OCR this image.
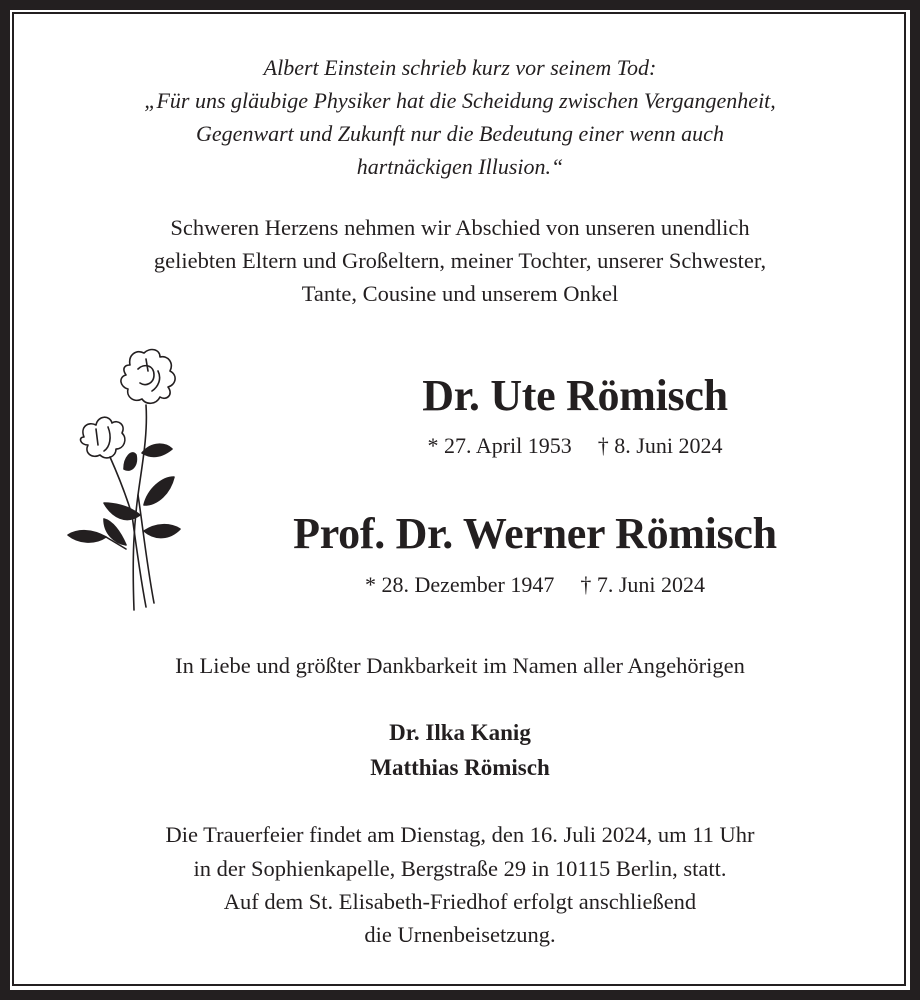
Albert Einstein schrieb kurz vor seinem Tod:
„Für uns gläubige Physiker hat die Scheidung zwischen Vergangenheit,
Gegenwart und Zukunft nur die Bedeutung einer wenn auch
hartnäckigen Illusion.“
Schweren Herzens nehmen wir Abschied von unseren unendlich
geliebten Eltern und Großeltern, meiner Tochter, unserer Schwester,
Tante, Cousine und unserem Onkel
Dr. Ute Römisch
* 27. April 1953 † 8. Juni 2024
Prof. Dr. Werner Römisch
* 28. Dezember 1947 † 7. Juni 2024
In Liebe und größter Dankbarkeit im Namen aller Angehörigen
Dr. Ilka Kanig
Matthias Römisch
Die Trauerfeier findet am Dienstag, den 16. Juli 2024, um 11 Uhr
in der Sophienkapelle, Bergstraße 29 in 10115 Berlin, statt.
Auf dem St. Elisabeth-Friedhof erfolgt anschließend
die Urnenbeisetzung.
